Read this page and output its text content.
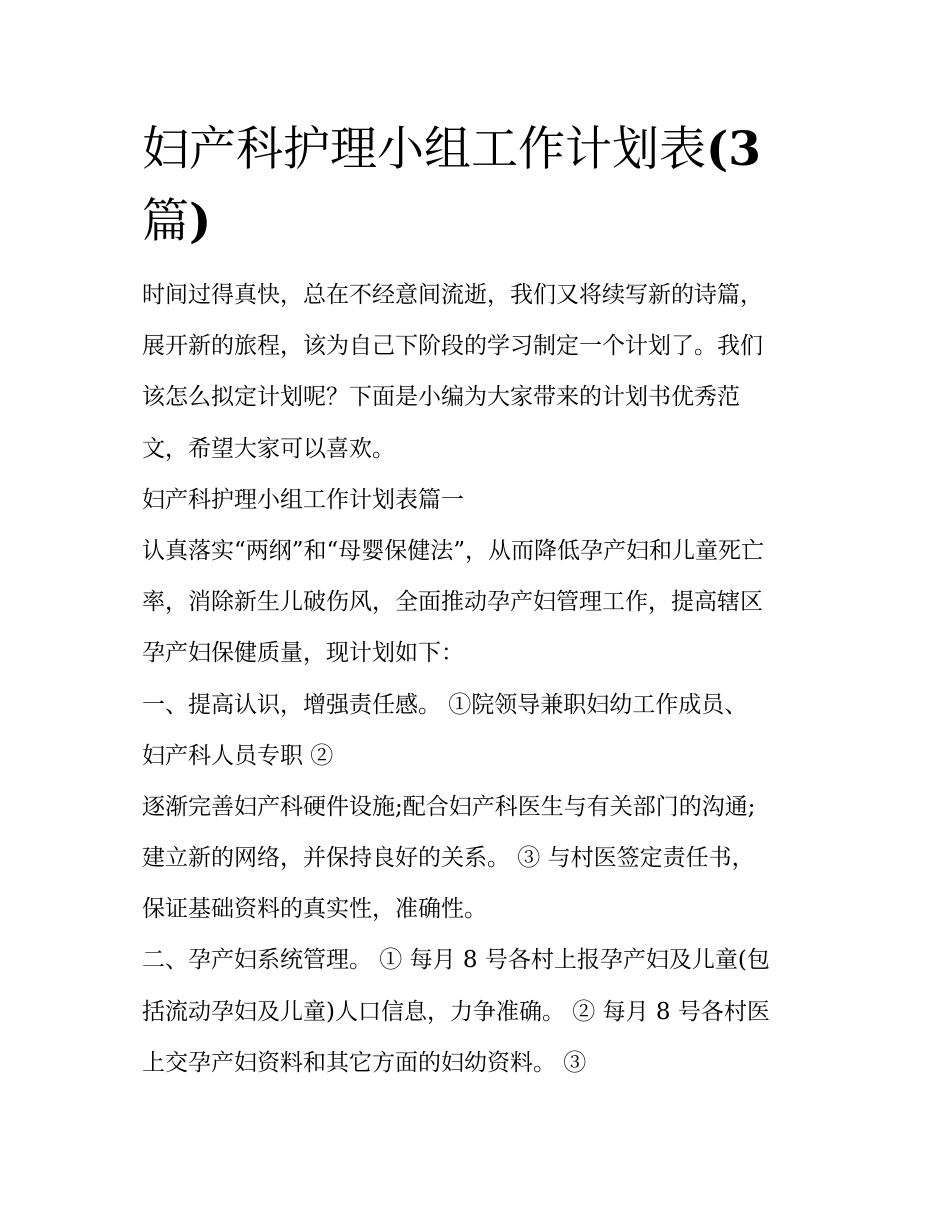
妇产科护理小组工作计划表(3
篇)
时间过得真快，总在不经意间流逝，我们又将续写新的诗篇，
展开新的旅程，该为自己下阶段的学习制定一个计划了。我们
该怎么拟定计划呢？下面是小编为大家带来的计划书优秀范
文，希望大家可以喜欢。
妇产科护理小组工作计划表篇一
认真落实“两纲”和“母婴保健法”，从而降低孕产妇和儿童死亡
率，消除新生儿破伤风，全面推动孕产妇管理工作，提高辖区
孕产妇保健质量，现计划如下：
一、提高认识，增强责任感。 ①院领导兼职妇幼工作成员、
妇产科人员专职 ②
逐渐完善妇产科硬件设施;配合妇产科医生与有关部门的沟通;
建立新的网络，并保持良好的关系。 ③ 与村医签定责任书，
保证基础资料的真实性，准确性。
二、孕产妇系统管理。 ① 每月 8 号各村上报孕产妇及儿童(包
括流动孕妇及儿童)人口信息，力争准确。 ② 每月 8 号各村医
上交孕产妇资料和其它方面的妇幼资料。 ③
